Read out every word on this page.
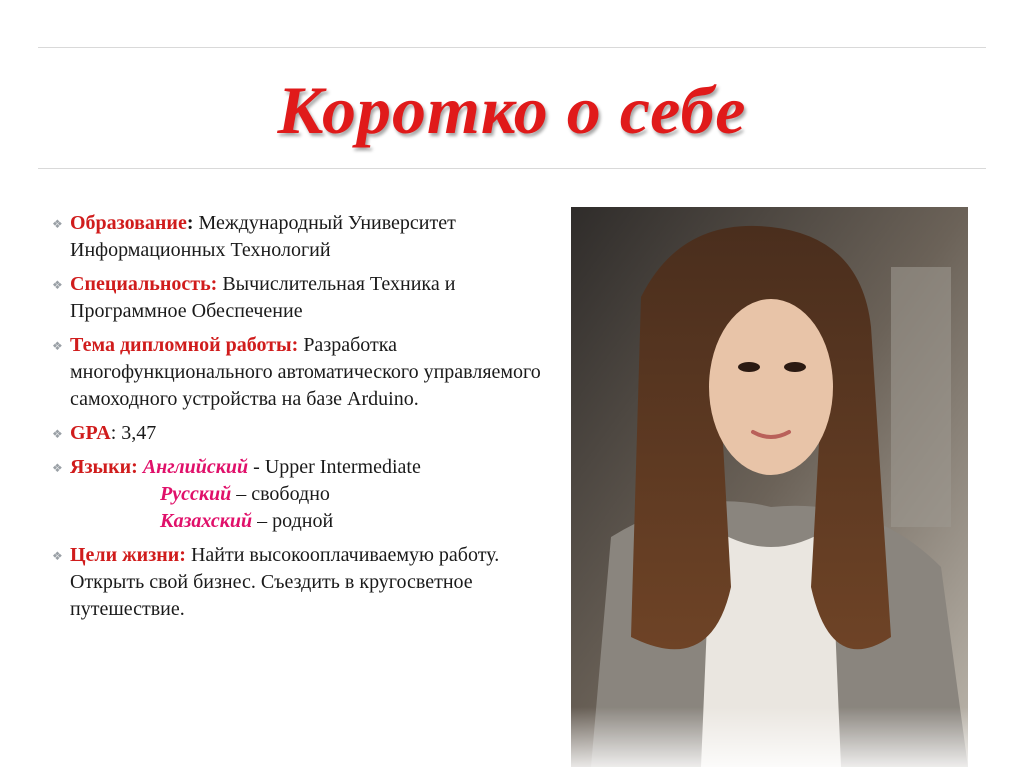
Коротко о себе
❖ Образование: Международный Университет Информационных Технологий
❖ Специальность: Вычислительная Техника и Программное Обеспечение
❖ Тема дипломной работы: Разработка многофункционального автоматического управляемого самоходного устройства на базе Arduino.
❖ GPA: 3,47
❖ Языки: Английский - Upper Intermediate
Русский – свободно
Казахский – родной
❖ Цели жизни: Найти высокооплачиваемую работу. Открыть свой бизнес. Съездить в кругосветное путешествие.
